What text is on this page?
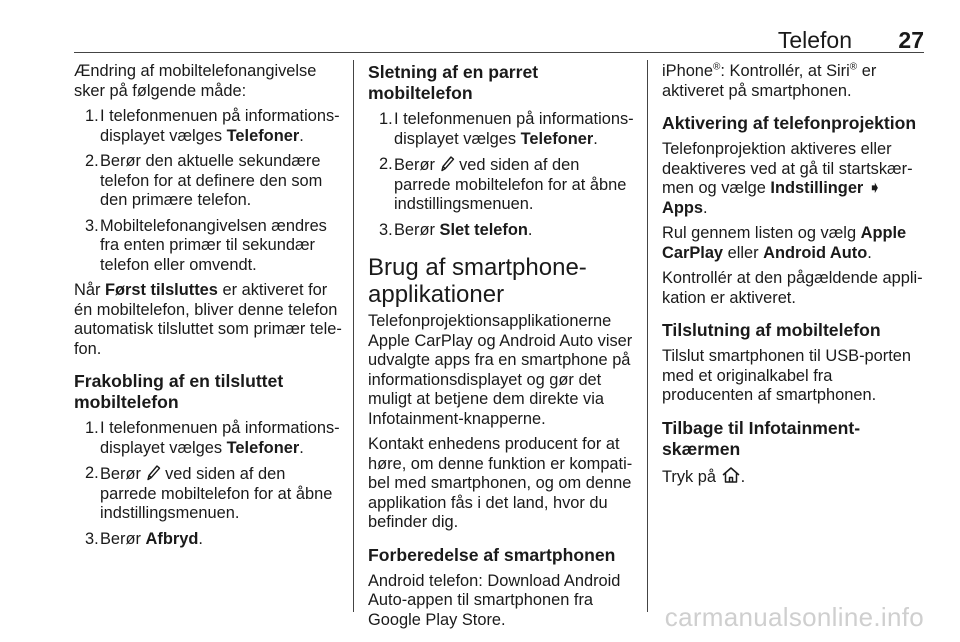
Telefon 27

Ændring af mobiltelefonangivelse sker på følgende måde:

1. I telefonmenuen på informationsdisplayet vælges Telefoner.
2. Berør den aktuelle sekundære telefon for at definere den som den primære telefon.
3. Mobiltelefonangivelsen ændres fra enten primær til sekundær telefon eller omvendt.

Når Først tilsluttes er aktiveret for én mobiltelefon, bliver denne telefon automatisk tilsluttet som primær telefon.

Frakobling af en tilsluttet mobiltelefon
1. I telefonmenuen på informationsdisplayet vælges Telefoner.
2. Berør  ved siden af den parrede mobiltelefon for at åbne indstillingsmenuen.
3. Berør Afbryd.
Sletning af en parret mobiltelefon
1. I telefonmenuen på informationsdisplayet vælges Telefoner.
2. Berør  ved siden af den parrede mobiltelefon for at åbne indstillingsmenuen.
3. Berør Slet telefon.
Brug af smartphone-applikationer

Telefonprojektionsapplikationerne Apple CarPlay og Android Auto viser udvalgte apps fra en smartphone på informationsdisplayet og gør det muligt at betjene dem direkte via Infotainment-knapperne.

Kontakt enhedens producent for at høre, om denne funktion er kompatibel med smartphonen, og om denne applikation fås i det land, hvor du befinder dig.

Forberedelse af smartphonen

Android telefon: Download Android Auto-appen til smartphonen fra Google Play Store.

iPhone®: Kontrollér, at Siri® er aktiveret på smartphonen.

Aktivering af telefonprojektion

Telefonprojektion aktiveres eller deaktiveres ved at gå til startskærmen og vælge Indstillinger ➧ Apps.

Rul gennem listen og vælg Apple CarPlay eller Android Auto.

Kontrollér at den pågældende applikation er aktiveret.

Tilslutning af mobiltelefon

Tilslut smartphonen til USB-porten med et originalkabel fra producenten af smartphonen.

Tilbage til Infotainment-skærmen

Tryk på .

carmanualsonline.info
